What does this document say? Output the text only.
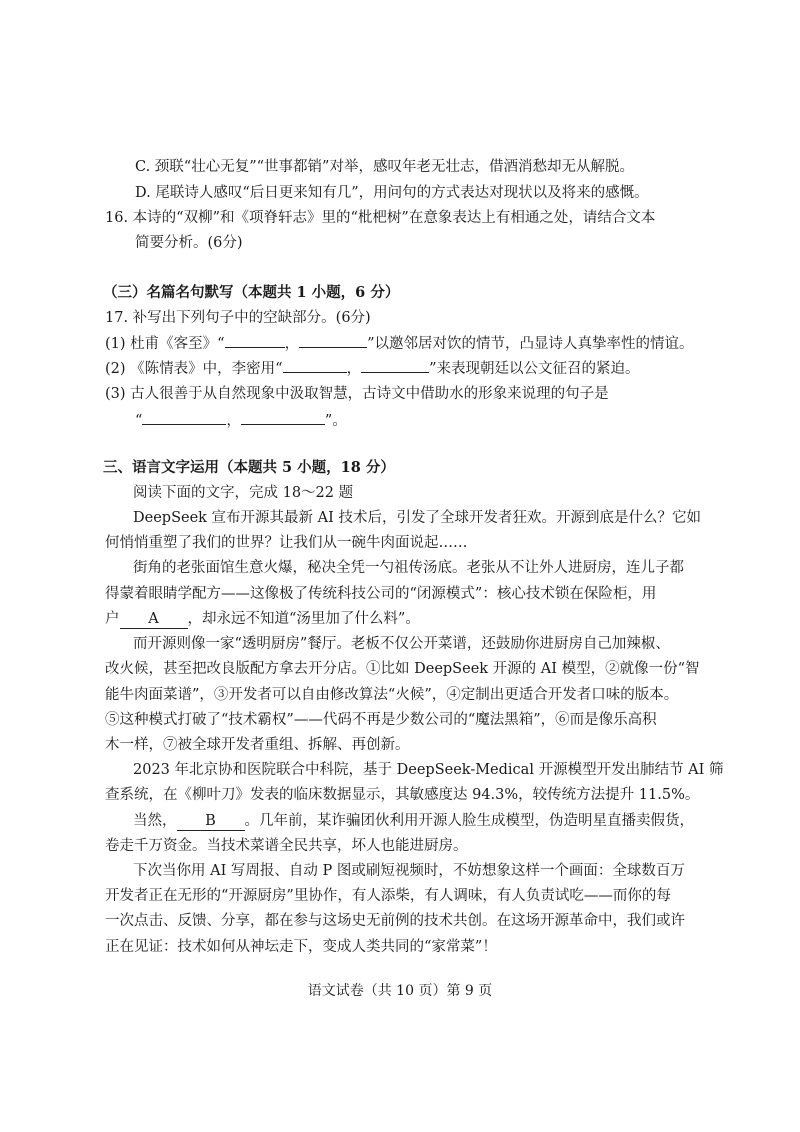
C. 颈联“壮心无复”“世事都销”对举，感叹年老无壮志，借酒消愁却无从解脱。
D. 尾联诗人感叹“后日更来知有几”，用问句的方式表达对现状以及将来的感慨。
16. 本诗的“双柳”和《项脊轩志》里的“枇杷树”在意象表达上有相通之处，请结合文本
简要分析。(6分)
（三）名篇名句默写（本题共 1 小题，6 分）
17. 补写出下列句子中的空缺部分。(6分)
(1) 杜甫《客至》“	，	”以邀邻居对饮的情节，凸显诗人真挚率性的情谊。
(2) 《陈情表》中，李密用“	，	”来表现朝廷以公文征召的紧迫。
(3) 古人很善于从自然现象中汲取智慧，古诗文中借助水的形象来说理的句子是
“	，	”。
三、语言文字运用（本题共 5 小题，18 分）
阅读下面的文字，完成 18～22 题
DeepSeek 宣布开源其最新 AI 技术后，引发了全球开发者狂欢。开源到底是什么？它如
何悄悄重塑了我们的世界？让我们从一碗牛肉面说起……
街角的老张面馆生意火爆，秘决全凭一勺祖传汤底。老张从不让外人进厨房，连儿子都
得蒙着眼睛学配方——这像极了传统科技公司的“闭源模式”：核心技术锁在保险柜，用
户 A ，却永远不知道“汤里加了什么料”。
而开源则像一家“透明厨房”餐厅。老板不仅公开菜谱，还鼓励你进厨房自己加辣椒、
改火候，甚至把改良版配方拿去开分店。①比如 DeepSeek 开源的 AI 模型，②就像一份“智
能牛肉面菜谱”，③开发者可以自由修改算法“火候”，④定制出更适合开发者口味的版本。
⑤这种模式打破了“技术霸权”——代码不再是少数公司的“魔法黑箱”，⑥而是像乐高积
木一样，⑦被全球开发者重组、拆解、再创新。
2023 年北京协和医院联合中科院，基于 DeepSeek-Medical 开源模型开发出肺结节 AI 筛
查系统，在《柳叶刀》发表的临床数据显示，其敏感度达 94.3%，较传统方法提升 11.5%。
当然， B 。几年前，某诈骗团伙利用开源人脸生成模型，伪造明星直播卖假货，
卷走千万资金。当技术菜谱全民共享，坏人也能进厨房。
下次当你用 AI 写周报、自动 P 图或刷短视频时，不妨想象这样一个画面：全球数百万
开发者正在无形的“开源厨房”里协作，有人添柴，有人调味，有人负责试吃——而你的每
一次点击、反馈、分享，都在参与这场史无前例的技术共创。在这场开源革命中，我们或许
正在见证：技术如何从神坛走下，变成人类共同的“家常菜”！
语文试卷（共 10 页）第 9 页
